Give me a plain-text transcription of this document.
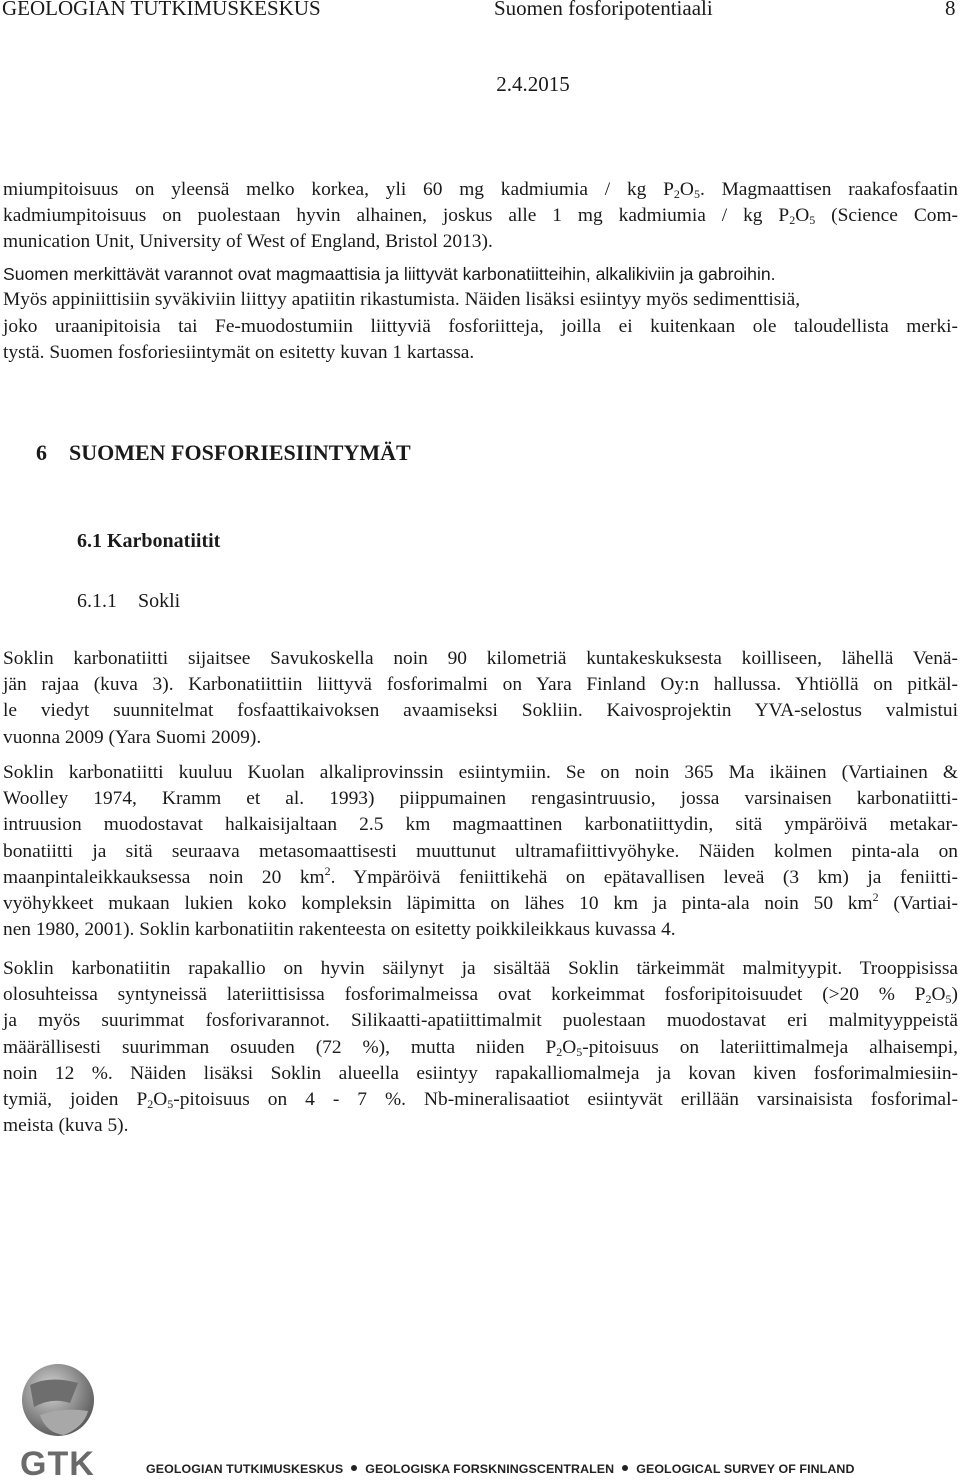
GEOLOGIAN TUTKIMUSKESKUS	Suomen fosforipotentiaali	8
2.4.2015
miumpitoisuus on yleensä melko korkea, yli 60 mg kadmiumia / kg $P_2O_5$. Magmaattisen raakafosfaatin
kadmiumpitoisuus on puolestaan hyvin alhainen, joskus alle 1 mg kadmiumia / kg $P_2O_5$ (Science Com-
munication Unit, University of West of England, Bristol 2013).
Suomen merkittävät varannot ovat magmaattisia ja liittyvät karbonatiitteihin, alkalikiviin ja gabroihin.
Myös appiniittisiin syväkiviin liittyy apatiitin rikastumista. Näiden lisäksi esiintyy myös sedimenttisiä,
joko uraanipitoisia tai Fe-muodostumiin liittyviä fosforiitteja, joilla ei kuitenkaan ole taloudellista merki-
tystä. Suomen fosforiesiintymät on esitetty kuvan 1 kartassa.
6 SUOMEN FOSFORIESIINTYMÄT
6.1 Karbonatiitit
6.1.1 Sokli
Soklin karbonatiitti sijaitsee Savukoskella noin 90 kilometriä kuntakeskuksesta koilliseen, lähellä Venä-
jän rajaa (kuva 3). Karbonatiittiin liittyvä fosforimalmi on Yara Finland Oy:n hallussa. Yhtiöllä on pitkäl-
le viedyt suunnitelmat fosfaattikaivoksen avaamiseksi Sokliin. Kaivosprojektin YVA-selostus valmistui
vuonna 2009 (Yara Suomi 2009).
Soklin karbonatiitti kuuluu Kuolan alkaliprovinssin esiintymiin. Se on noin 365 Ma ikäinen (Vartiainen &
Woolley 1974, Kramm et al. 1993) piippumainen rengasintruusio, jossa varsinaisen karbonatiitti-
intruusion muodostavat halkaisijaltaan 2.5 km magmaattinen karbonatiittydin, sitä ympäröivä metakar-
bonatiitti ja sitä seuraava metasomaattisesti muuttunut ultramafiittivyöhyke. Näiden kolmen pinta-ala on
maanpintaleikkauksessa noin 20 $km^2$. Ympäröivä feniittikehä on epätavallisen leveä (3 km) ja feniitti-
vyöhykkeet mukaan lukien koko kompleksin läpimitta on lähes 10 km ja pinta-ala noin 50 $km^2$ (Vartiai-
nen 1980, 2001). Soklin karbonatiitin rakenteesta on esitetty poikkileikkaus kuvassa 4.
Soklin karbonatiitin rapakallio on hyvin säilynyt ja sisältää Soklin tärkeimmät malmityypit. Trooppisissa
olosuhteissa syntyneissä lateriittisissa fosforimalmeissa ovat korkeimmat fosforipitoisuudet (>20 % $P_2O_5$)
ja myös suurimmat fosforivarannot. Silikaatti-apatiittimalmit puolestaan muodostavat eri malmityyppeistä
määrällisesti suurimman osuuden (72 %), mutta niiden $P_2O_5$-pitoisuus on lateriittimalmeja alhaisempi,
noin 12 %. Näiden lisäksi Soklin alueella esiintyy rapakalliomalmeja ja kovan kiven fosforimalmiesiin-
tymiä, joiden $P_2O_5$-pitoisuus on 4 - 7 %. Nb-mineralisaatiot esiintyvät erillään varsinaisista fosforimal-
meista (kuva 5).
GTK	GEOLOGIAN TUTKIMUSKESKUS GEOLOGISKA FORSKNINGSCENTRALEN GEOLOGICAL SURVEY OF FINLAND
